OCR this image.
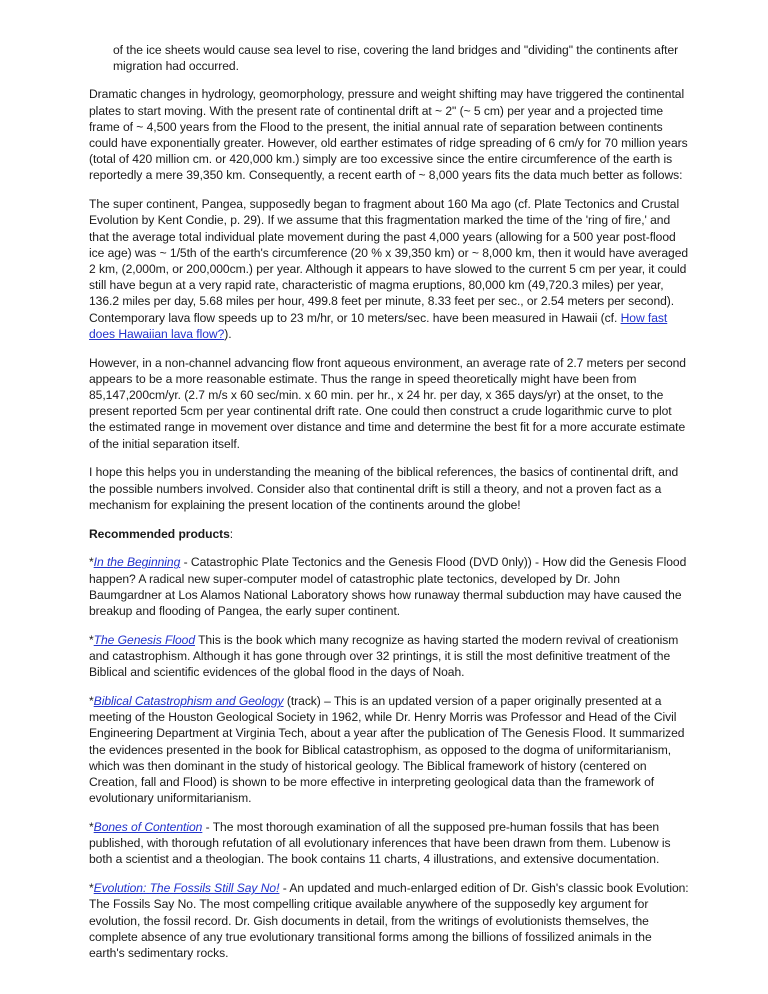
of the ice sheets would cause sea level to rise, covering the land bridges and "dividing" the continents after migration had occurred.

Dramatic changes in hydrology, geomorphology, pressure and weight shifting may have triggered the continental plates to start moving. With the present rate of continental drift at ~ 2" (~ 5 cm) per year and a projected time frame of ~ 4,500 years from the Flood to the present, the initial annual rate of separation between continents could have exponentially greater. However, old earther estimates of ridge spreading of 6 cm/y for 70 million years (total of 420 million cm. or 420,000 km.) simply are too excessive since the entire circumference of the earth is reportedly a mere 39,350 km. Consequently, a recent earth of ~ 8,000 years fits the data much better as follows:

The super continent, Pangea, supposedly began to fragment about 160 Ma ago (cf. Plate Tectonics and Crustal Evolution by Kent Condie, p. 29). If we assume that this fragmentation marked the time of the 'ring of fire,' and that the average total individual plate movement during the past 4,000 years (allowing for a 500 year post-flood ice age) was ~ 1/5th of the earth's circumference (20 % x 39,350 km) or ~ 8,000 km, then it would have averaged 2 km, (2,000m, or 200,000cm.) per year. Although it appears to have slowed to the current 5 cm per year, it could still have begun at a very rapid rate, characteristic of magma eruptions, 80,000 km (49,720.3 miles) per year, 136.2 miles per day, 5.68 miles per hour, 499.8 feet per minute, 8.33 feet per sec., or 2.54 meters per second). Contemporary lava flow speeds up to 23 m/hr, or 10 meters/sec. have been measured in Hawaii (cf. How fast does Hawaiian lava flow?).

However, in a non-channel advancing flow front aqueous environment, an average rate of 2.7 meters per second appears to be a more reasonable estimate. Thus the range in speed theoretically might have been from 85,147,200cm/yr. (2.7 m/s x 60 sec/min. x 60 min. per hr., x 24 hr. per day, x 365 days/yr) at the onset, to the present reported 5cm per year continental drift rate. One could then construct a crude logarithmic curve to plot the estimated range in movement over distance and time and determine the best fit for a more accurate estimate of the initial separation itself.

I hope this helps you in understanding the meaning of the biblical references, the basics of continental drift, and the possible numbers involved. Consider also that continental drift is still a theory, and not a proven fact as a mechanism for explaining the present location of the continents around the globe!

Recommended products:

*In the Beginning - Catastrophic Plate Tectonics and the Genesis Flood (DVD 0nly)) - How did the Genesis Flood happen? A radical new super-computer model of catastrophic plate tectonics, developed by Dr. John Baumgardner at Los Alamos National Laboratory shows how runaway thermal subduction may have caused the breakup and flooding of Pangea, the early super continent.

*The Genesis Flood This is the book which many recognize as having started the modern revival of creationism and catastrophism. Although it has gone through over 32 printings, it is still the most definitive treatment of the Biblical and scientific evidences of the global flood in the days of Noah.

*Biblical Catastrophism and Geology (track) – This is an updated version of a paper originally presented at a meeting of the Houston Geological Society in 1962, while Dr. Henry Morris was Professor and Head of the Civil Engineering Department at Virginia Tech, about a year after the publication of The Genesis Flood. It summarized the evidences presented in the book for Biblical catastrophism, as opposed to the dogma of uniformitarianism, which was then dominant in the study of historical geology. The Biblical framework of history (centered on Creation, fall and Flood) is shown to be more effective in interpreting geological data than the framework of evolutionary uniformitarianism.

*Bones of Contention - The most thorough examination of all the supposed pre-human fossils that has been published, with thorough refutation of all evolutionary inferences that have been drawn from them. Lubenow is both a scientist and a theologian. The book contains 11 charts, 4 illustrations, and extensive documentation.

*Evolution: The Fossils Still Say No! - An updated and much-enlarged edition of Dr. Gish's classic book Evolution: The Fossils Say No. The most compelling critique available anywhere of the supposedly key argument for evolution, the fossil record. Dr. Gish documents in detail, from the writings of evolutionists themselves, the complete absence of any true evolutionary transitional forms among the billions of fossilized animals in the earth's sedimentary rocks.
